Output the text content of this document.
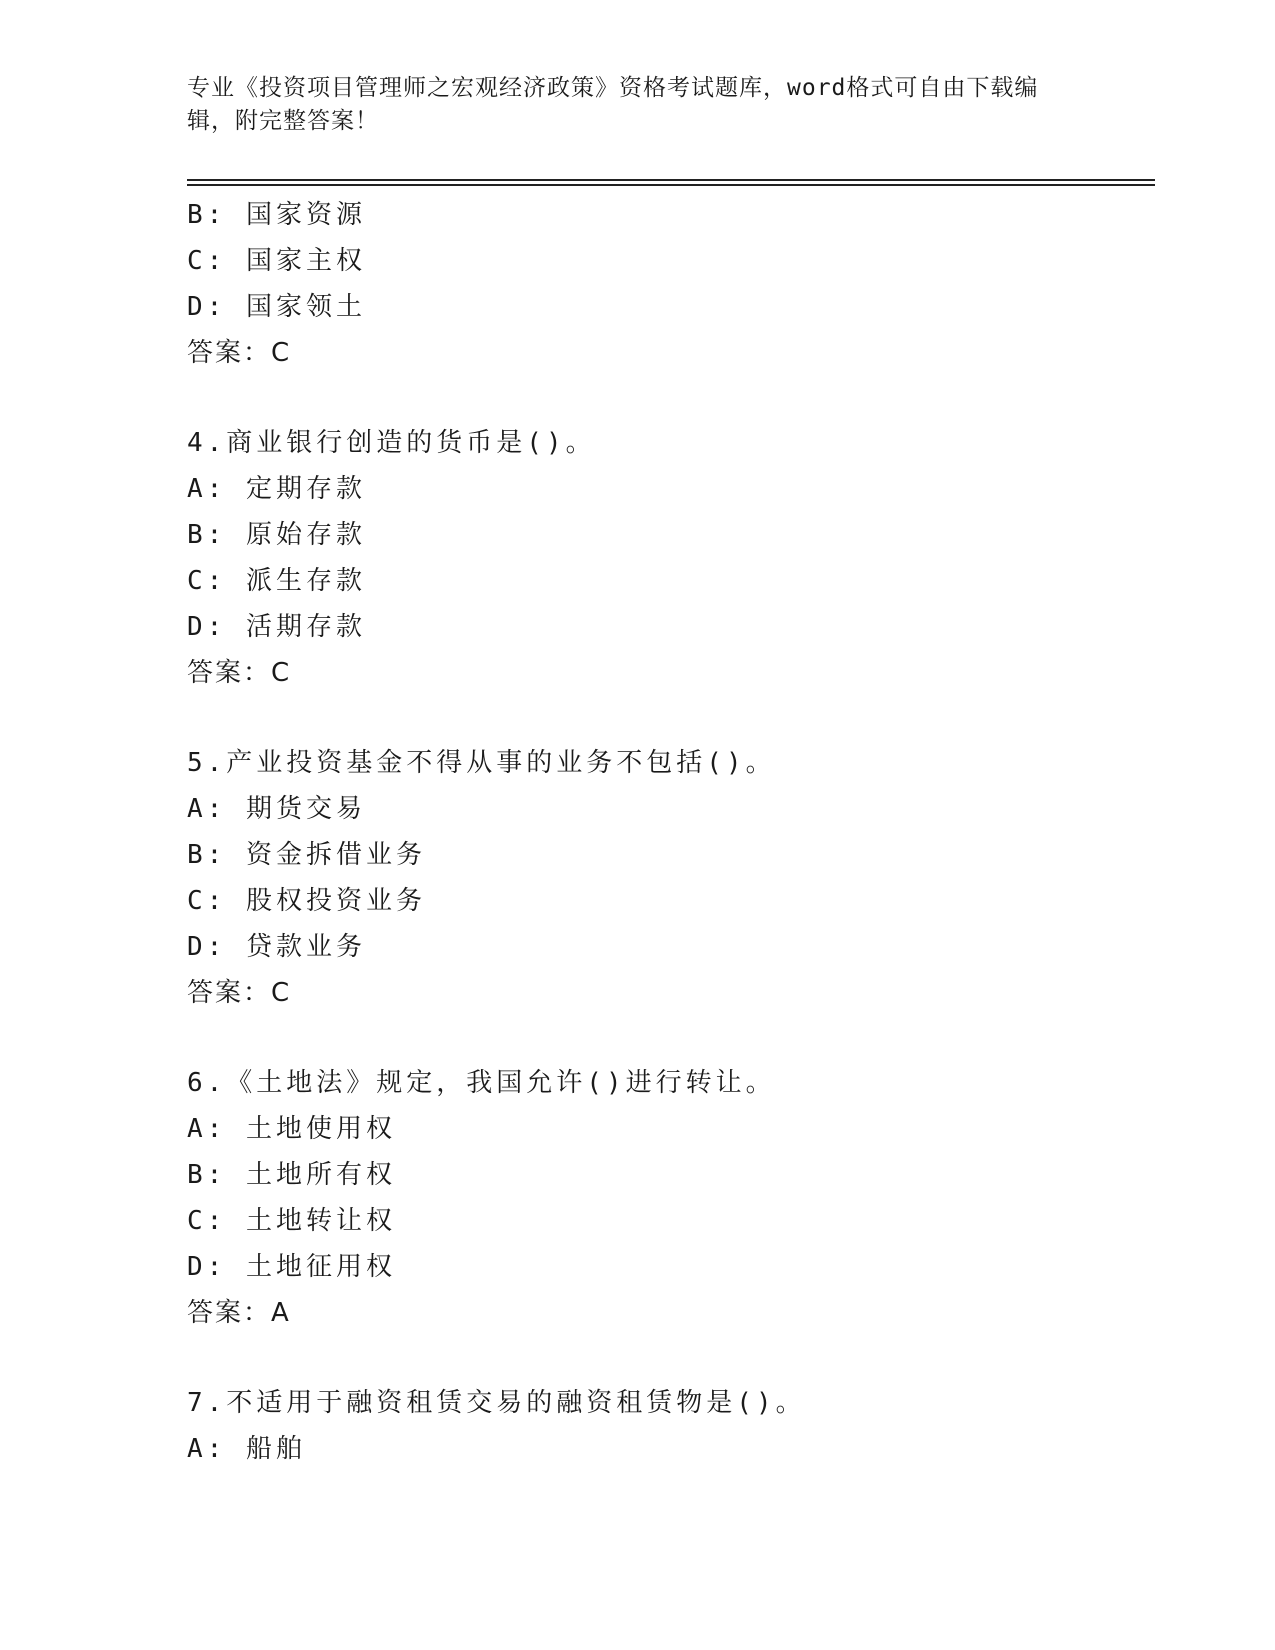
专业《投资项目管理师之宏观经济政策》资格考试题库，word格式可自由下载编辑，附完整答案！
B: 国家资源
C: 国家主权
D: 国家领土
答案：C
4.商业银行创造的货币是()。
A: 定期存款
B: 原始存款
C: 派生存款
D: 活期存款
答案：C
5.产业投资基金不得从事的业务不包括()。
A: 期货交易
B: 资金拆借业务
C: 股权投资业务
D: 贷款业务
答案：C
6.《土地法》规定，我国允许()进行转让。
A: 土地使用权
B: 土地所有权
C: 土地转让权
D: 土地征用权
答案：A
7.不适用于融资租赁交易的融资租赁物是()。
A: 船舶
